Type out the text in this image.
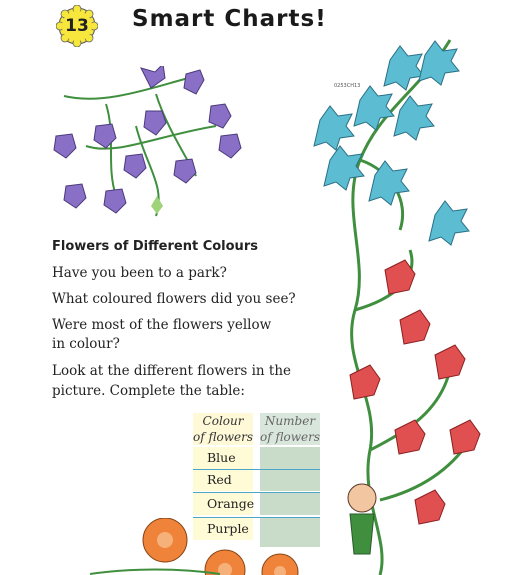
13	Smart Charts!
0253CH13
Flowers of Different Colours

Have you been to a park?

What coloured flowers did you see?

Were most of the flowers yellow

in colour?

Look at the different flowers in the

picture. Complete the table:

Colour
of flowers
Number
of flowers
Blue
Red
Orange
Purple
